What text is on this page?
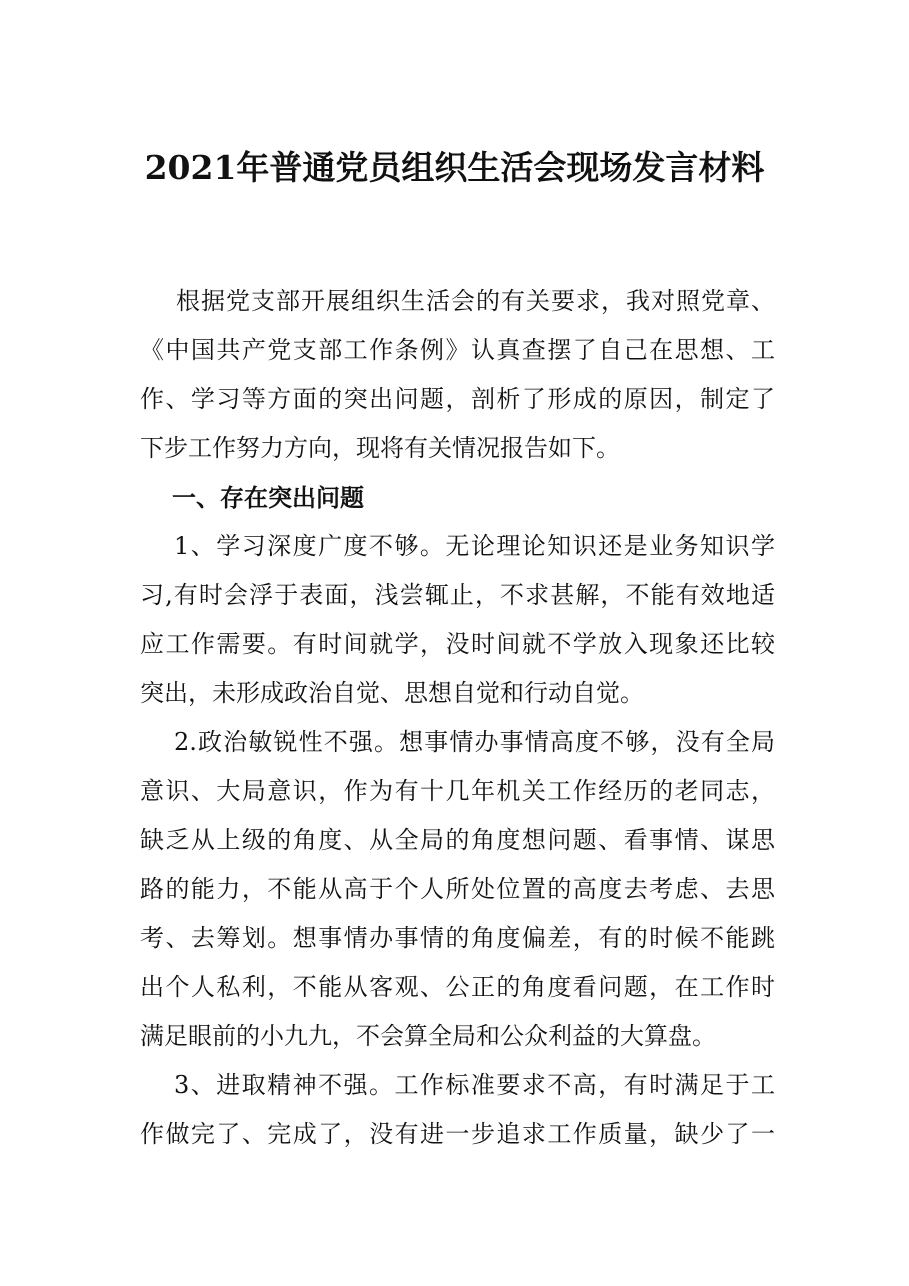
2021年普通党员组织生活会现场发言材料
根据党支部开展组织生活会的有关要求，我对照党章、
《中国共产党支部工作条例》认真查摆了自己在思想、工
作、学习等方面的突出问题，剖析了形成的原因，制定了
下步工作努力方向，现将有关情况报告如下。
一、存在突出问题
1、学习深度广度不够。无论理论知识还是业务知识学
习,有时会浮于表面，浅尝辄止，不求甚解，不能有效地适
应工作需要。有时间就学，没时间就不学放入现象还比较
突出，未形成政治自觉、思想自觉和行动自觉。
2.政治敏锐性不强。想事情办事情高度不够，没有全局
意识、大局意识，作为有十几年机关工作经历的老同志，
缺乏从上级的角度、从全局的角度想问题、看事情、谋思
路的能力，不能从高于个人所处位置的高度去考虑、去思
考、去筹划。想事情办事情的角度偏差，有的时候不能跳
出个人私利，不能从客观、公正的角度看问题，在工作时
满足眼前的小九九，不会算全局和公众利益的大算盘。
3、进取精神不强。工作标准要求不高，有时满足于工
作做完了、完成了，没有进一步追求工作质量，缺少了一
